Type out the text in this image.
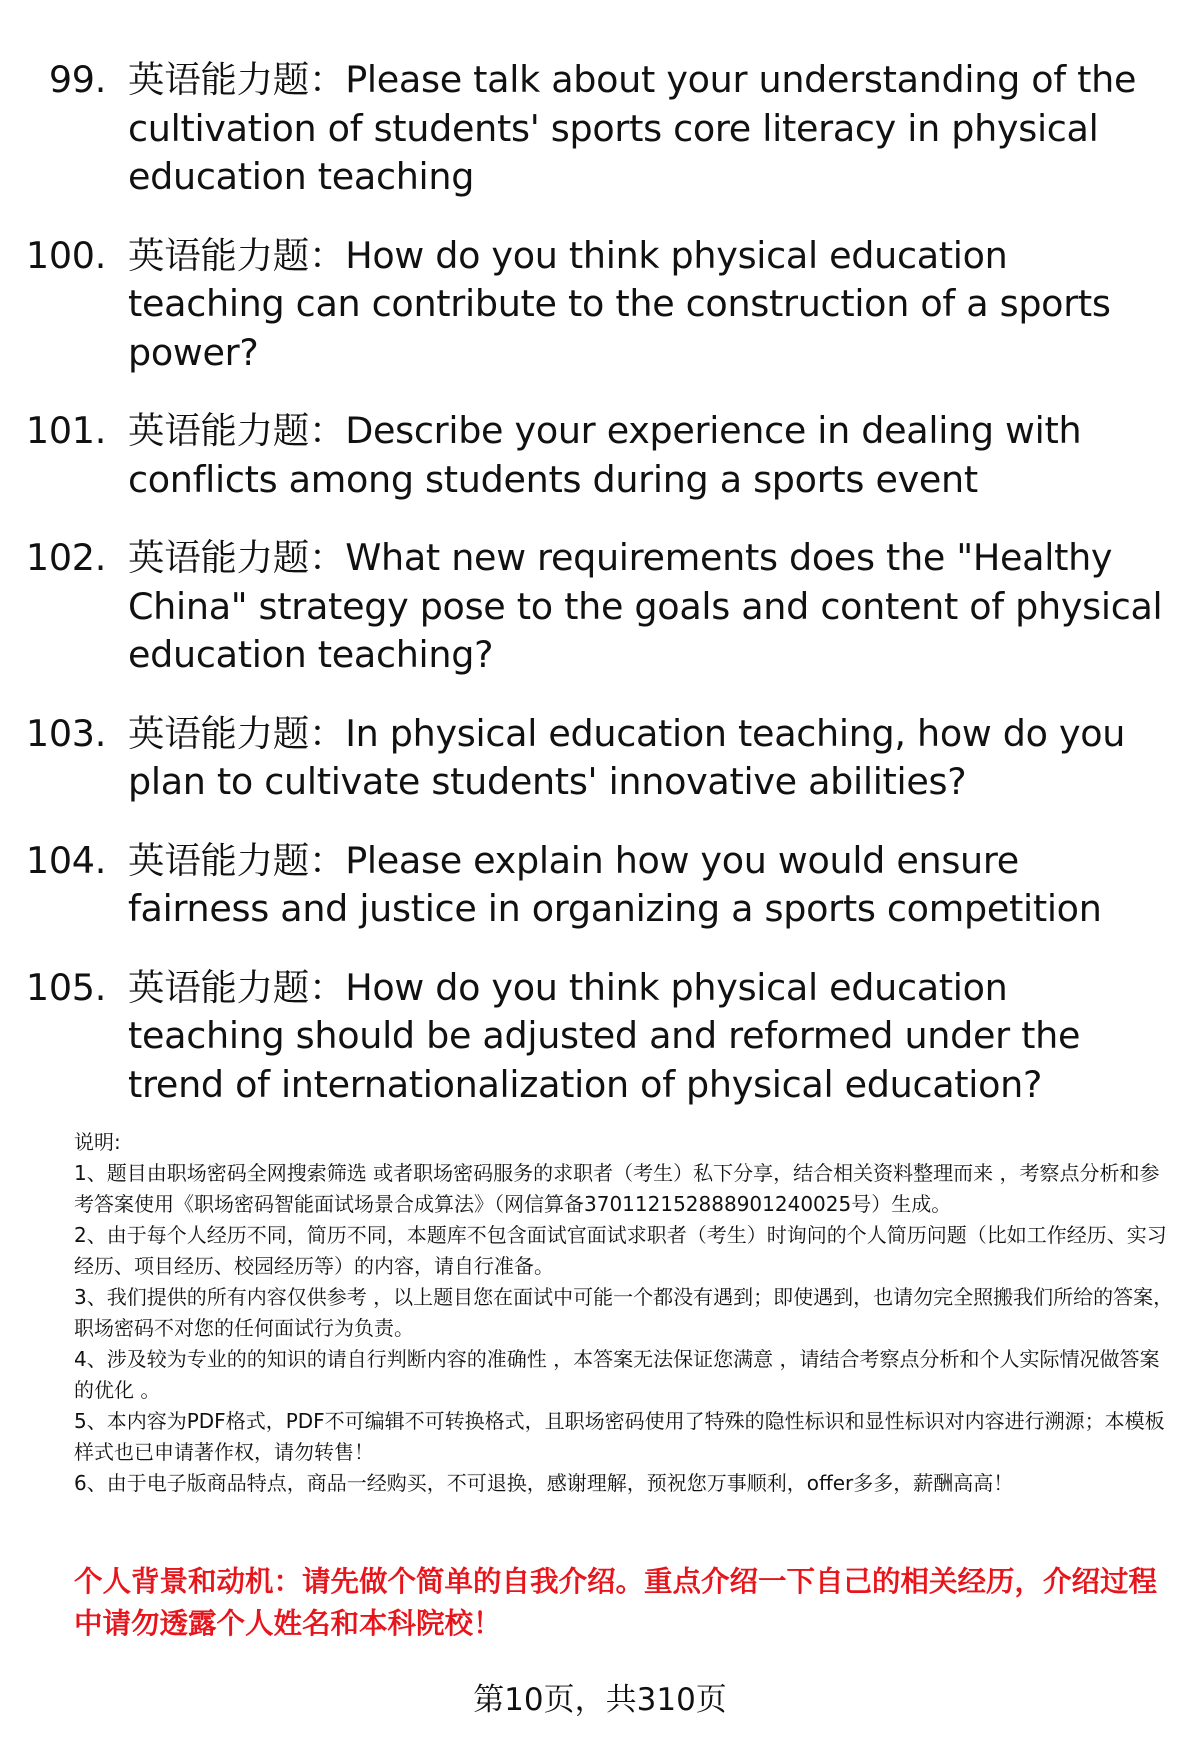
99. 英语能力题：Please talk about your understanding of the cultivation of students' sports core literacy in physical education teaching
100. 英语能力题：How do you think physical education teaching can contribute to the construction of a sports power?
101. 英语能力题：Describe your experience in dealing with conflicts among students during a sports event
102. 英语能力题：What new requirements does the "Healthy China" strategy pose to the goals and content of physical education teaching?
103. 英语能力题：In physical education teaching, how do you plan to cultivate students' innovative abilities?
104. 英语能力题：Please explain how you would ensure fairness and justice in organizing a sports competition
105. 英语能力题：How do you think physical education teaching should be adjusted and reformed under the trend of internationalization of physical education?

说明:

1、题目由职场密码全网搜索筛选 或者职场密码服务的求职者（考生）私下分享，结合相关资料整理而来 ，考察点分析和参考答案使用《职场密码智能面试场景合成算法》（网信算备370112152888901240025号）生成。

2、由于每个人经历不同，简历不同，本题库不包含面试官面试求职者（考生）时询问的个人简历问题（比如工作经历、实习经历、项目经历、校园经历等）的内容，请自行准备。

3、我们提供的所有内容仅供参考 ，以上题目您在面试中可能一个都没有遇到；即使遇到，也请勿完全照搬我们所给的答案，职场密码不对您的任何面试行为负责。

4、涉及较为专业的的知识的请自行判断内容的准确性 ，本答案无法保证您满意 ，请结合考察点分析和个人实际情况做答案的优化 。

5、本内容为PDF格式，PDF不可编辑不可转换格式，且职场密码使用了特殊的隐性标识和显性标识对内容进行溯源；本模板样式也已申请著作权，请勿转售！

6、由于电子版商品特点，商品一经购买，不可退换，感谢理解，预祝您万事顺利，offer多多，薪酬高高！

个人背景和动机：请先做个简单的自我介绍。重点介绍一下自己的相关经历，介绍过程中请勿透露个人姓名和本科院校！
第10页，共310页
